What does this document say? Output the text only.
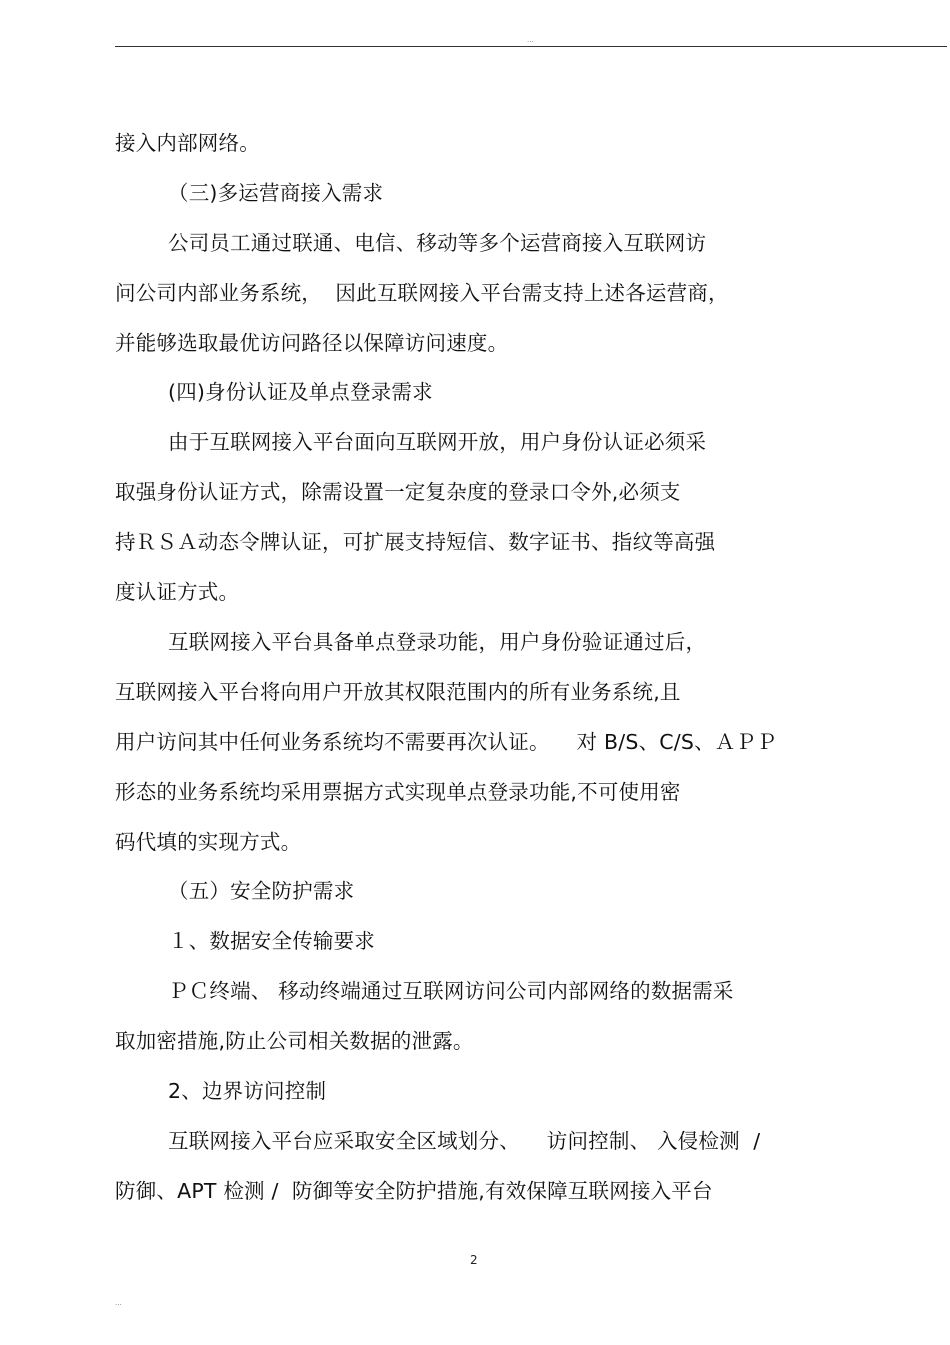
...
接入内部网络。
（三)多运营商接入需求
公司员工通过联通、电信、移动等多个运营商接入互联网访
问公司内部业务系统，  因此互联网接入平台需支持上述各运营商，
并能够选取最优访问路径以保障访问速度。
(四)身份认证及单点登录需求
由于互联网接入平台面向互联网开放，用户身份认证必须采
取强身份认证方式，除需设置一定复杂度的登录口令外,必须支
持ＲＳＡ动态令牌认证，可扩展支持短信、数字证书、指纹等高强
度认证方式。
互联网接入平台具备单点登录功能，用户身份验证通过后，
互联网接入平台将向用户开放其权限范围内的所有业务系统,且
用户访问其中任何业务系统均不需要再次认证。    对 B/S、C/S、ＡＰＰ
形态的业务系统均采用票据方式实现单点登录功能,不可使用密
码代填的实现方式。
（五）安全防护需求
１、数据安全传输要求
ＰＣ终端、 移动终端通过互联网访问公司内部网络的数据需采
取加密措施,防止公司相关数据的泄露。
2、边界访问控制
互联网接入平台应采取安全区域划分、    访问控制、 入侵检测  /
防御、APT 检测 /  防御等安全防护措施,有效保障互联网接入平台
2
...
